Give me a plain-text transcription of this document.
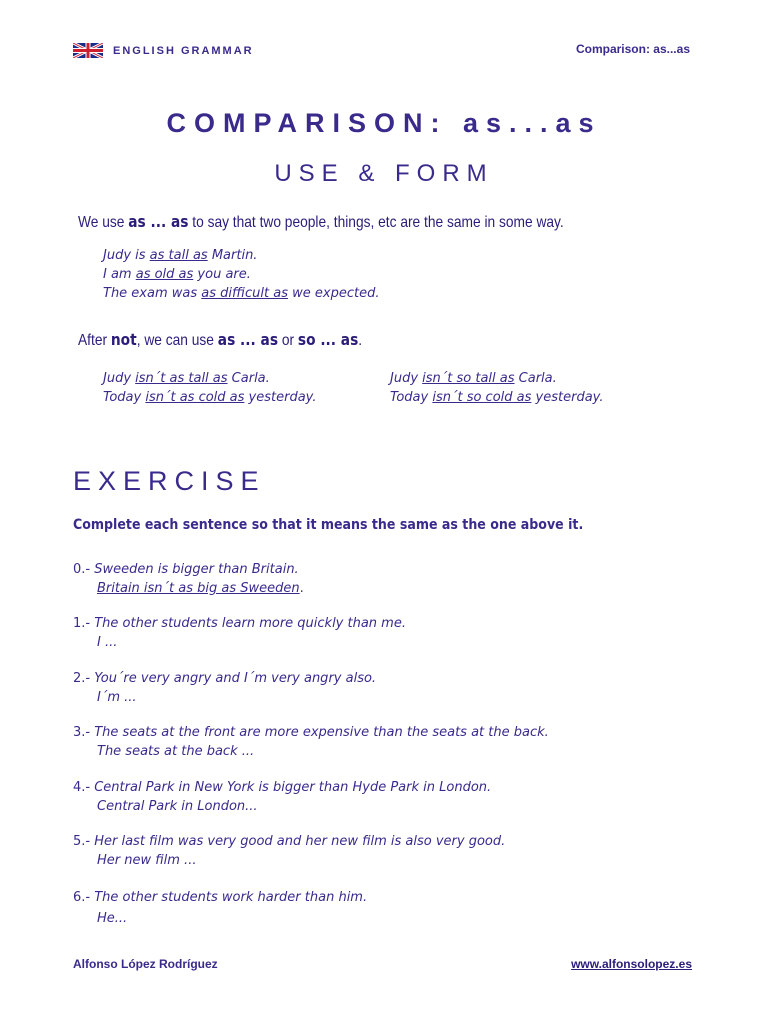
ENGLISH GRAMMAR	Comparison: as...as
COMPARISON: as...as
USE & FORM
We use as ... as to say that two people, things, etc are the same in some way.
Judy is as tall as Martin.
I am as old as you are.
The exam was as difficult as we expected.
After not, we can use as ... as or so ... as.
Judy isn´t as tall as Carla.
Today isn´t as cold as yesterday.
Judy isn´t so tall as Carla.
Today isn´t so cold as yesterday.
EXERCISE
Complete each sentence so that it means the same as the one above it.
0.- Sweeden is bigger than Britain.
Britain isn´t as big as Sweeden.
1.- The other students learn more quickly than me.
I ...
2.- You´re very angry and I´m very angry also.
I´m ...
3.- The seats at the front are more expensive than the seats at the back.
The seats at the back ...
4.- Central Park in New York is bigger than Hyde Park in London.
Central Park in London...
5.- Her last film was very good and her new film is also very good.
Her new film ...
6.- The other students work harder than him.
He...
Alfonso López Rodríguez	www.alfonsolopez.es
